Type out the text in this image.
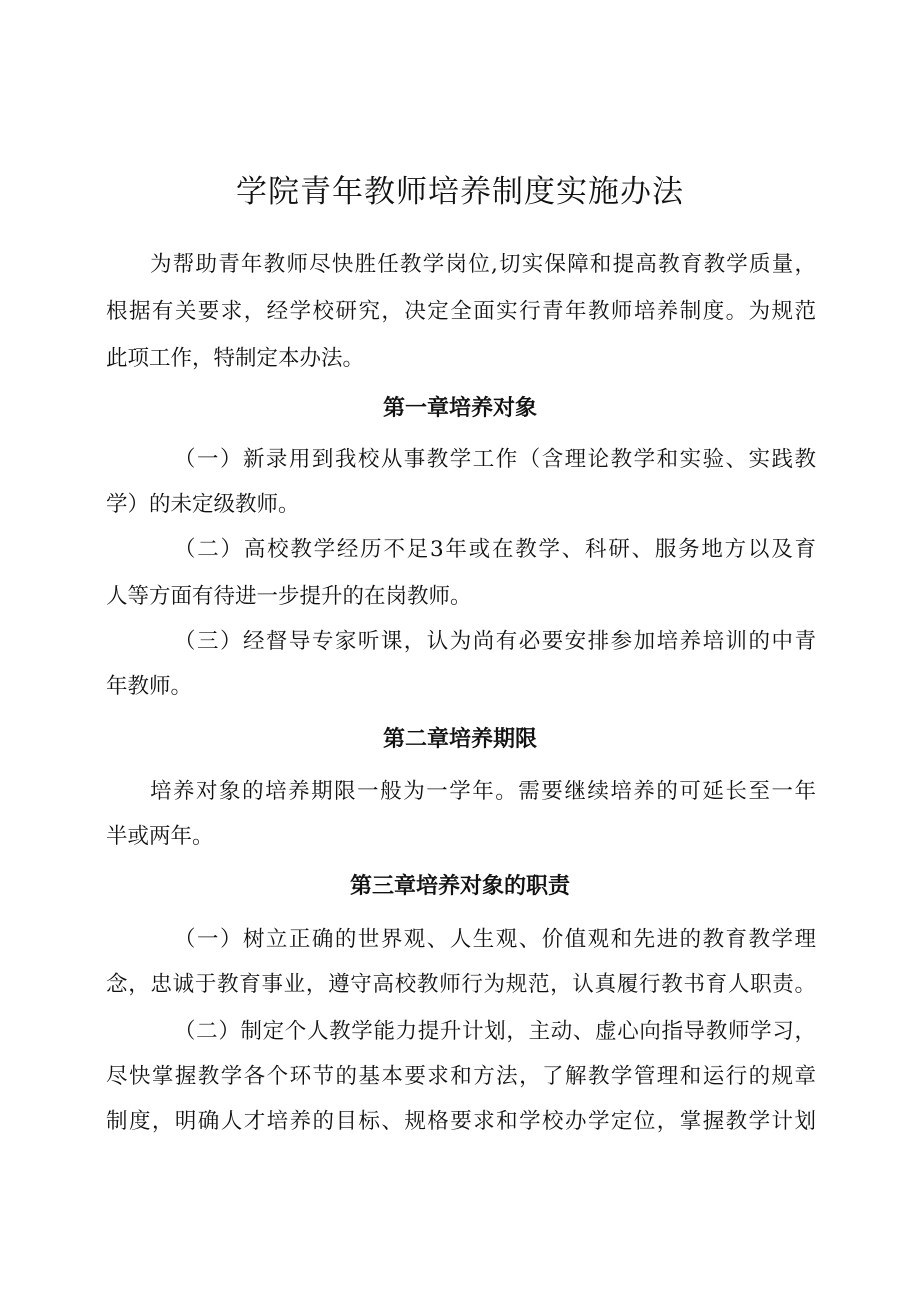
学院青年教师培养制度实施办法
为帮助青年教师尽快胜任教学岗位,切实保障和提高教育教学质量，
根据有关要求，经学校研究，决定全面实行青年教师培养制度。为规范
此项工作，特制定本办法。
第一章培养对象
（一）新录用到我校从事教学工作（含理论教学和实验、实践教
学）的未定级教师。
（二）高校教学经历不足3年或在教学、科研、服务地方以及育
人等方面有待进一步提升的在岗教师。
（三）经督导专家听课，认为尚有必要安排参加培养培训的中青
年教师。
第二章培养期限
培养对象的培养期限一般为一学年。需要继续培养的可延长至一年
半或两年。
第三章培养对象的职责
（一）树立正确的世界观、人生观、价值观和先进的教育教学理
念，忠诚于教育事业，遵守高校教师行为规范，认真履行教书育人职责。
（二）制定个人教学能力提升计划，主动、虚心向指导教师学习，
尽快掌握教学各个环节的基本要求和方法，了解教学管理和运行的规章
制度，明确人才培养的目标、规格要求和学校办学定位，掌握教学计划
